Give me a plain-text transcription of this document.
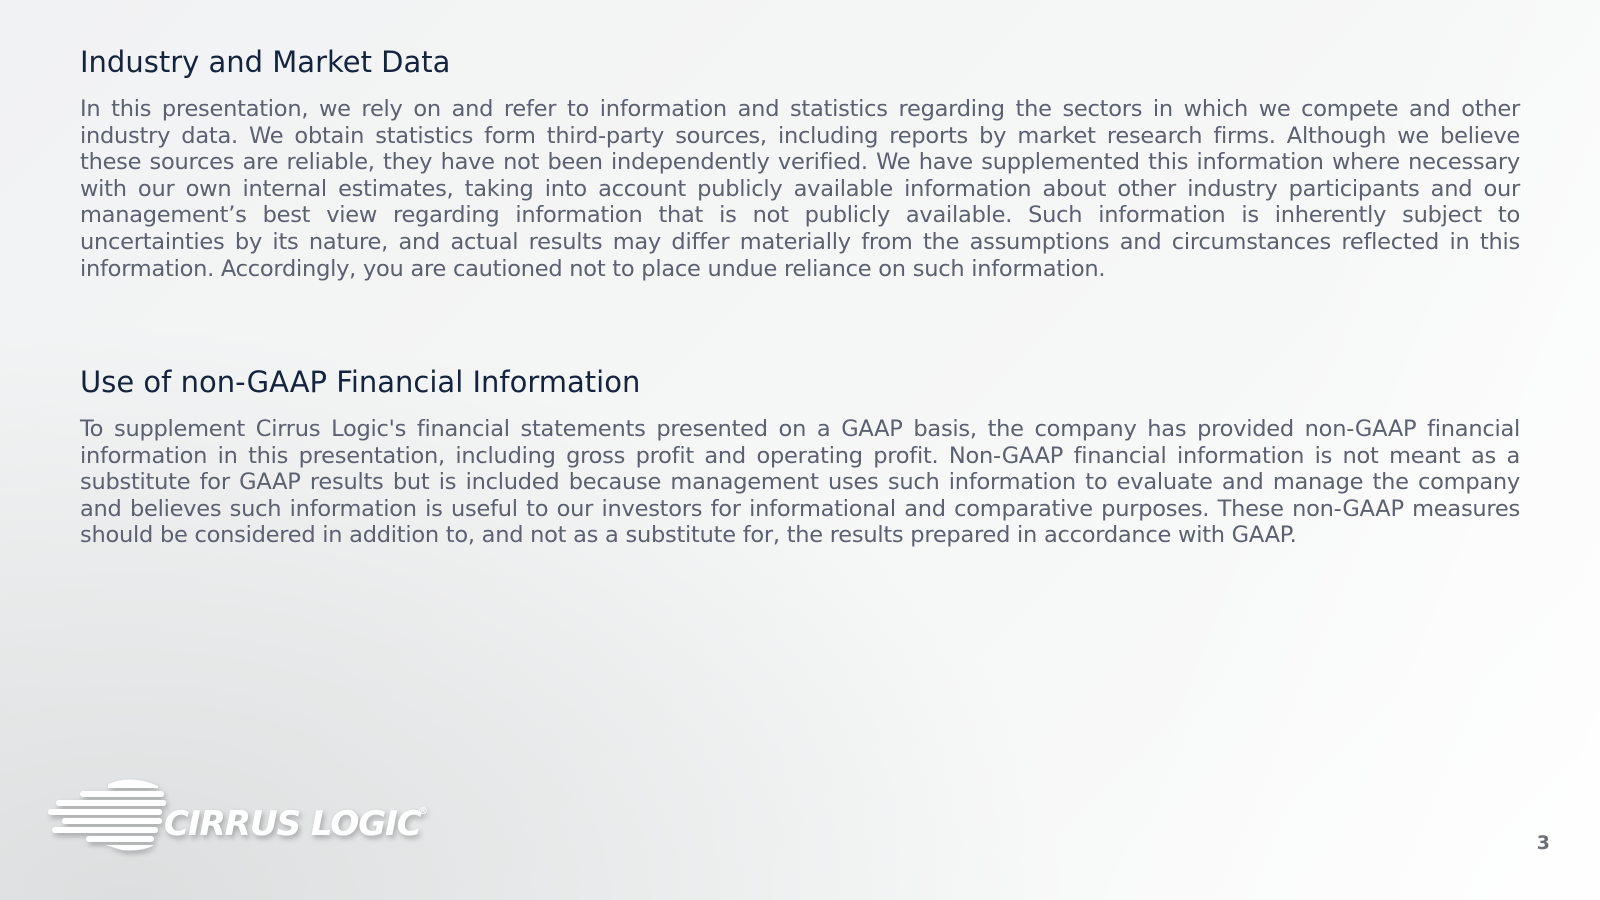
Industry and Market Data

In this presentation, we rely on and refer to information and statistics regarding the sectors in which we compete and other industry data. We obtain statistics form third-party sources, including reports by market research firms. Although we believe these sources are reliable, they have not been independently verified. We have supplemented this information where necessary with our own internal estimates, taking into account publicly available information about other industry participants and our management’s best view regarding information that is not publicly available. Such information is inherently subject to uncertainties by its nature, and actual results may differ materially from the assumptions and circumstances reflected in this information. Accordingly, you are cautioned not to place undue reliance on such information.

Use of non-GAAP Financial Information

To supplement Cirrus Logic's financial statements presented on a GAAP basis, the company has provided non-GAAP financial information in this presentation, including gross profit and operating profit. Non-GAAP financial information is not meant as a substitute for GAAP results but is included because management uses such information to evaluate and manage the company and believes such information is useful to our investors for informational and comparative purposes. These non-GAAP measures should be considered in addition to, and not as a substitute for, the results prepared in accordance with GAAP.

CIRRUS LOGIC
®
3
